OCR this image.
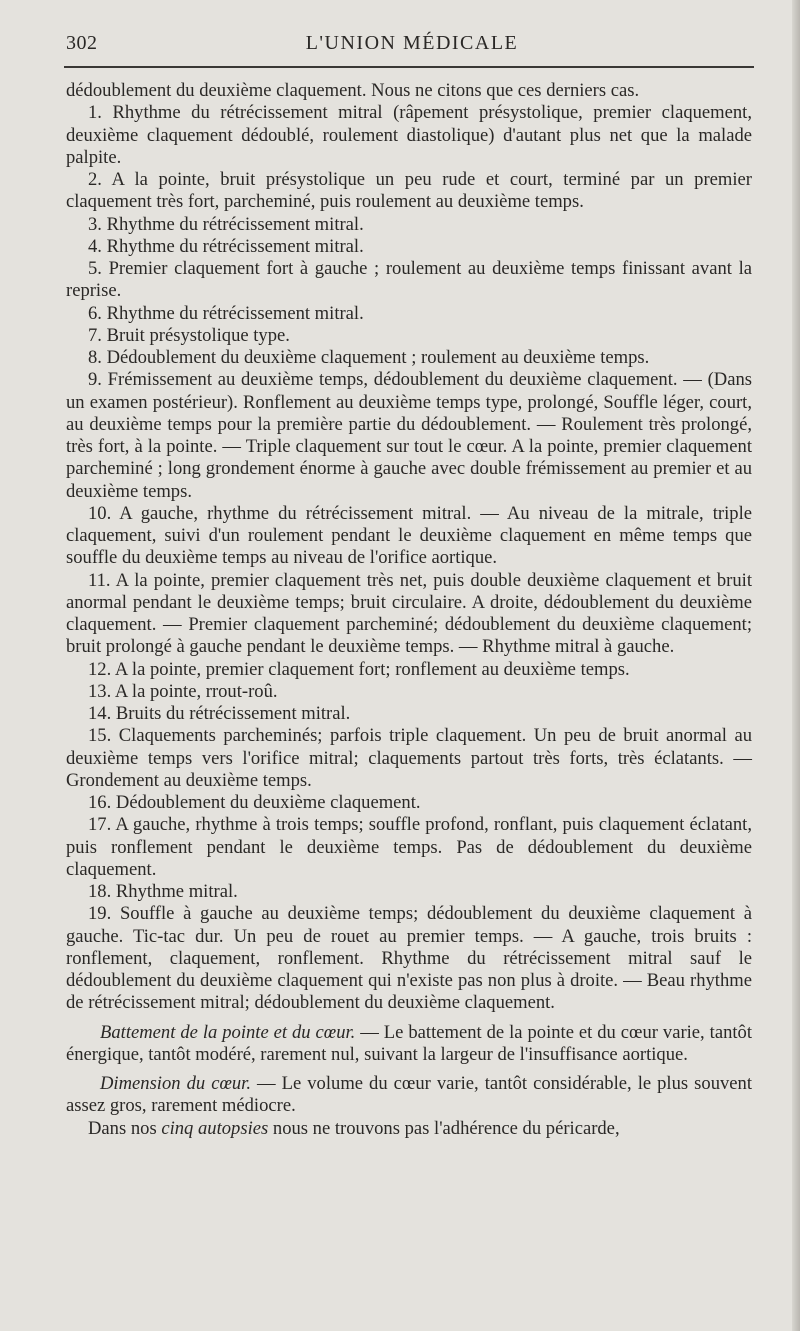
302	L'UNION MÉDICALE

dédoublement du deuxième claquement. Nous ne citons que ces derniers cas.

1. Rhythme du rétrécissement mitral (râpement présystolique, premier claquement, deuxième claquement dédoublé, roulement diastolique) d'autant plus net que la malade palpite.

2. A la pointe, bruit présystolique un peu rude et court, terminé par un premier claquement très fort, parcheminé, puis roulement au deuxième temps.

3. Rhythme du rétrécissement mitral.

4. Rhythme du rétrécissement mitral.

5. Premier claquement fort à gauche ; roulement au deuxième temps finissant avant la reprise.

6. Rhythme du rétrécissement mitral.

7. Bruit présystolique type.

8. Dédoublement du deuxième claquement ; roulement au deuxième temps.

9. Frémissement au deuxième temps, dédoublement du deuxième claquement. — (Dans un examen postérieur). Ronflement au deuxième temps type, prolongé, Souffle léger, court, au deuxième temps pour la première partie du dédoublement. — Roulement très prolongé, très fort, à la pointe. — Triple claquement sur tout le cœur. A la pointe, premier claquement parcheminé ; long grondement énorme à gauche avec double frémissement au premier et au deuxième temps.

10. A gauche, rhythme du rétrécissement mitral. — Au niveau de la mitrale, triple claquement, suivi d'un roulement pendant le deuxième claquement en même temps que souffle du deuxième temps au niveau de l'orifice aortique.

11. A la pointe, premier claquement très net, puis double deuxième claquement et bruit anormal pendant le deuxième temps; bruit circulaire. A droite, dédoublement du deuxième claquement. — Premier claquement parcheminé; dédoublement du deuxième claquement; bruit prolongé à gauche pendant le deuxième temps. — Rhythme mitral à gauche.

12. A la pointe, premier claquement fort; ronflement au deuxième temps.

13. A la pointe, rrout-roû.

14. Bruits du rétrécissement mitral.

15. Claquements parcheminés; parfois triple claquement. Un peu de bruit anormal au deuxième temps vers l'orifice mitral; claquements partout très forts, très éclatants. — Grondement au deuxième temps.

16. Dédoublement du deuxième claquement.

17. A gauche, rhythme à trois temps; souffle profond, ronflant, puis claquement éclatant, puis ronflement pendant le deuxième temps. Pas de dédoublement du deuxième claquement.

18. Rhythme mitral.

19. Souffle à gauche au deuxième temps; dédoublement du deuxième claquement à gauche. Tic-tac dur. Un peu de rouet au premier temps. — A gauche, trois bruits : ronflement, claquement, ronflement. Rhythme du rétrécissement mitral sauf le dédoublement du deuxième claquement qui n'existe pas non plus à droite. — Beau rhythme de rétrécissement mitral; dédoublement du deuxième claquement.

Battement de la pointe et du cœur. — Le battement de la pointe et du cœur varie, tantôt énergique, tantôt modéré, rarement nul, suivant la largeur de l'insuffisance aortique.

Dimension du cœur. — Le volume du cœur varie, tantôt considérable, le plus souvent assez gros, rarement médiocre.

Dans nos cinq autopsies nous ne trouvons pas l'adhérence du péricarde,
